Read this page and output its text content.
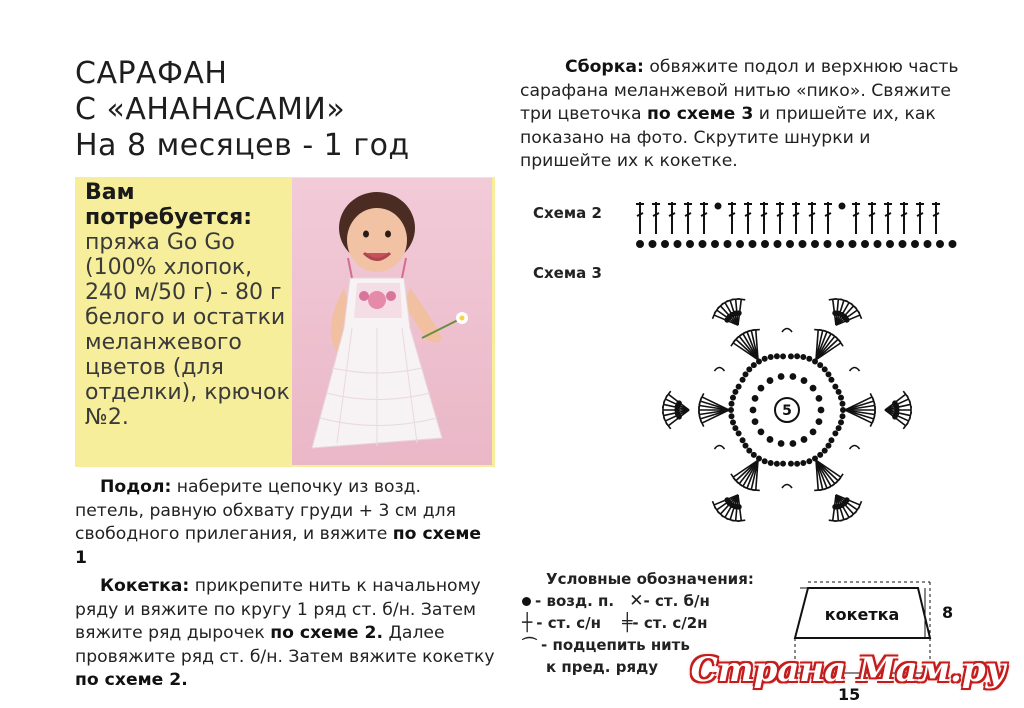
САРАФАН
С «АНАНАСАМИ»
На 8 месяцев - 1 год
Вам потребуется:
пряжа Go Go (100% хлопок, 240 м/50 г) - 80 г белого и остатки меланжевого цветов (для отделки), крючок №2.
Подол: наберите цепочку из возд. петель, равную обхвату груди + 3 см для свободного прилегания, и вяжите по схеме 1
Кокетка: прикрепите нить к начальному ряду и вяжите по кругу 1 ряд ст. б/н. Затем вяжите ряд дырочек по схеме 2. Далее провяжите ряд ст. б/н. Затем вяжите кокетку по схеме 2.
Сборка: обвяжите подол и верхнюю часть сарафана меланжевой нитью «пико». Свяжите три цветочка по схеме 3 и пришейте их, как показано на фото. Скрутите шнурки и пришейте их к кокетке.
Схема 2
Схема 3
5
Условные обозначения:
- возд. п. ✕- ст. б/н
┼ - ст. с/н ╪- ст. с/2н
⌒ - подцепить нить
к пред. ряду
кокетка	8
15
Страна Мам.ру
